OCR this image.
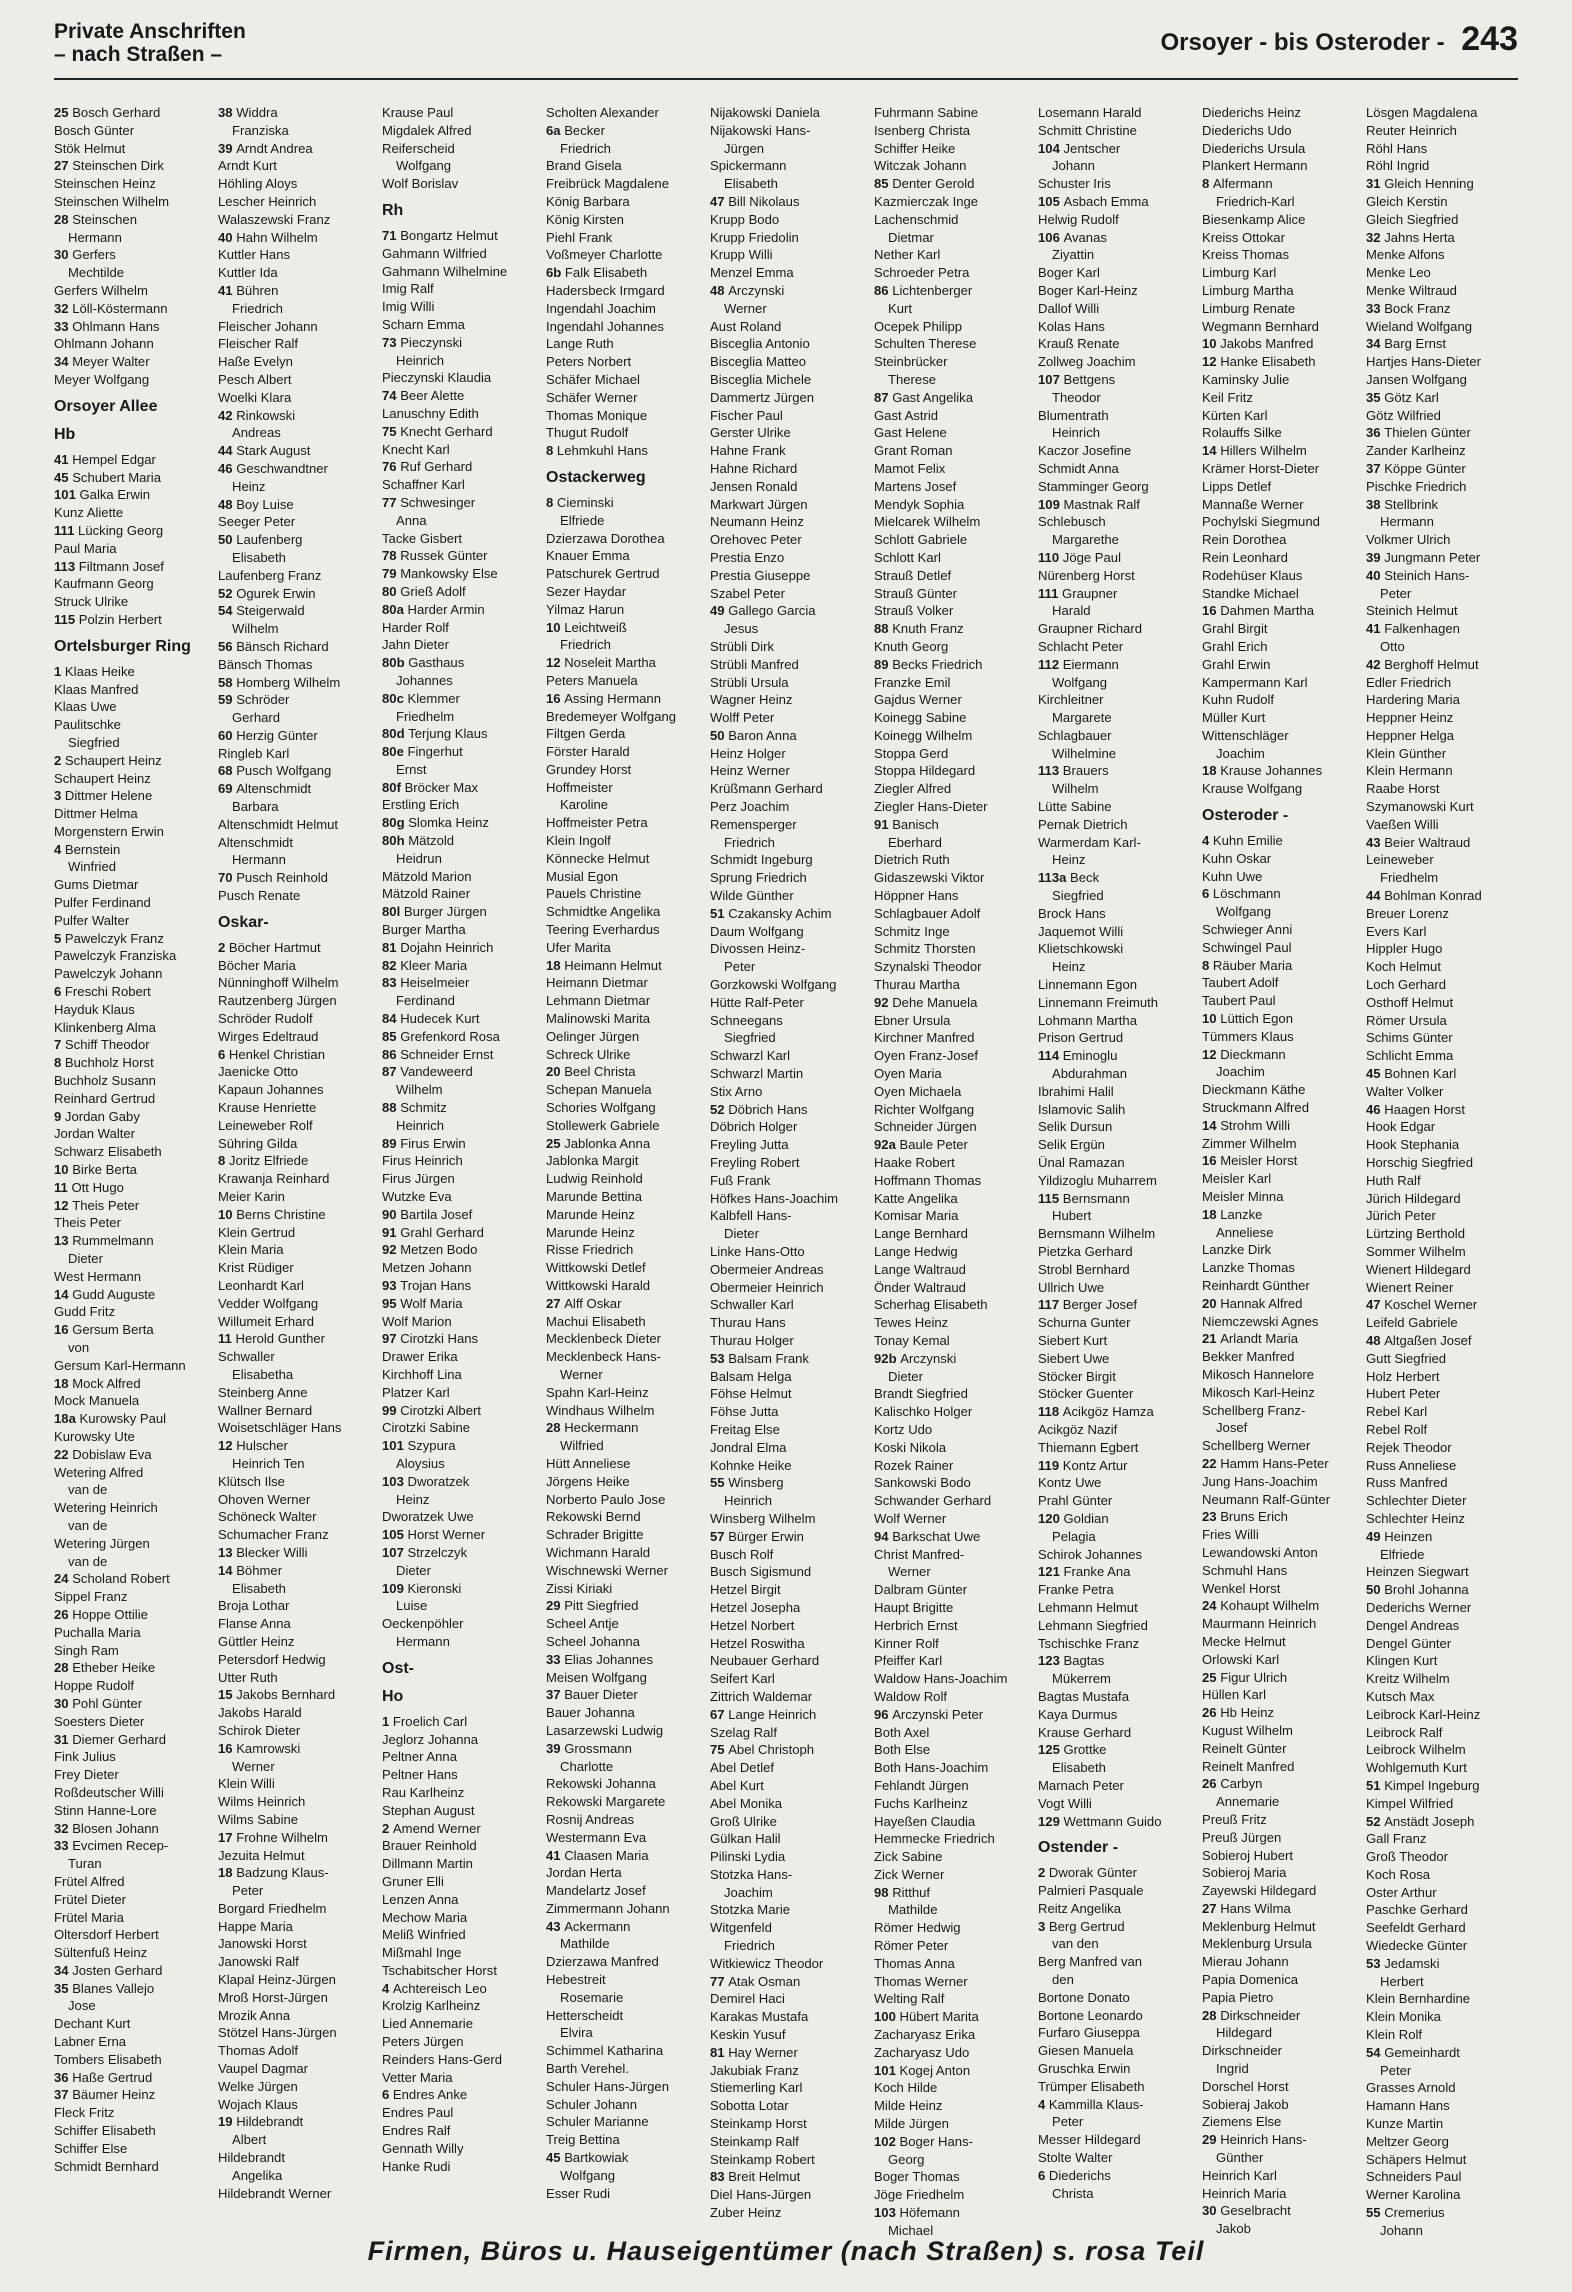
Private Anschriften
– nach Straßen –	Orsoyer - bis Osteroder - 243
25 Bosch Gerhard
Bosch Günter
Stök Helmut
27 Steinschen Dirk
Steinschen Heinz
Steinschen Wilhelm
28 Steinschen
Hermann
30 Gerfers
Mechtilde
Gerfers Wilhelm
32 Löll-Köstermann
33 Ohlmann Hans
Ohlmann Johann
34 Meyer Walter
Meyer Wolfgang
Orsoyer Allee
Hb
41 Hempel Edgar
45 Schubert Maria
101 Galka Erwin
Kunz Aliette
111 Lücking Georg
Paul Maria
113 Filtmann Josef
Kaufmann Georg
Struck Ulrike
115 Polzin Herbert
Ortelsburger Ring
1 Klaas Heike
Klaas Manfred
Klaas Uwe
Paulitschke
Siegfried
2 Schaupert Heinz
Schaupert Heinz
3 Dittmer Helene
Dittmer Helma
Morgenstern Erwin
4 Bernstein
Winfried
Gums Dietmar
Pulfer Ferdinand
Pulfer Walter
5 Pawelczyk Franz
Pawelczyk Franziska
Pawelczyk Johann
6 Freschi Robert
Hayduk Klaus
Klinkenberg Alma
7 Schiff Theodor
8 Buchholz Horst
Buchholz Susann
Reinhard Gertrud
9 Jordan Gaby
Jordan Walter
Schwarz Elisabeth
10 Birke Berta
11 Ott Hugo
12 Theis Peter
Theis Peter
13 Rummelmann
Dieter
West Hermann
14 Gudd Auguste
Gudd Fritz
16 Gersum Berta
von
Gersum Karl-Hermann
18 Mock Alfred
Mock Manuela
18a Kurowsky Paul
Kurowsky Ute
22 Dobislaw Eva
Wetering Alfred
van de
Wetering Heinrich
van de
Wetering Jürgen
van de
24 Scholand Robert
Sippel Franz
26 Hoppe Ottilie
Puchalla Maria
Singh Ram
28 Etheber Heike
Hoppe Rudolf
30 Pohl Günter
Soesters Dieter
31 Diemer Gerhard
Fink Julius
Frey Dieter
Roßdeutscher Willi
Stinn Hanne-Lore
32 Blosen Johann
33 Evcimen Recep-
Turan
Frütel Alfred
Frütel Dieter
Frütel Maria
Oltersdorf Herbert
Sültenfuß Heinz
34 Josten Gerhard
35 Blanes Vallejo
Jose
Dechant Kurt
Labner Erna
Tombers Elisabeth
36 Haße Gertrud
37 Bäumer Heinz
Fleck Fritz
Schiffer Elisabeth
Schiffer Else
Schmidt Bernhard
38 Widdra
Franziska
39 Arndt Andrea
Arndt Kurt
Höhling Aloys
Lescher Heinrich
Walaszewski Franz
40 Hahn Wilhelm
Kuttler Hans
Kuttler Ida
41 Bühren
Friedrich
Fleischer Johann
Fleischer Ralf
Haße Evelyn
Pesch Albert
Woelki Klara
42 Rinkowski
Andreas
44 Stark August
46 Geschwandtner
Heinz
48 Boy Luise
Seeger Peter
50 Laufenberg
Elisabeth
Laufenberg Franz
52 Ogurek Erwin
54 Steigerwald
Wilhelm
56 Bänsch Richard
Bänsch Thomas
58 Homberg Wilhelm
59 Schröder
Gerhard
60 Herzig Günter
Ringleb Karl
68 Pusch Wolfgang
69 Altenschmidt
Barbara
Altenschmidt Helmut
Altenschmidt
Hermann
70 Pusch Reinhold
Pusch Renate
Oskar-
2 Böcher Hartmut
Böcher Maria
Nünninghoff Wilhelm
Rautzenberg Jürgen
Schröder Rudolf
Wirges Edeltraud
6 Henkel Christian
Jaenicke Otto
Kapaun Johannes
Krause Henriette
Leineweber Rolf
Sühring Gilda
8 Joritz Elfriede
Krawanja Reinhard
Meier Karin
10 Berns Christine
Klein Gertrud
Klein Maria
Krist Rüdiger
Leonhardt Karl
Vedder Wolfgang
Willumeit Erhard
11 Herold Gunther
Schwaller
Elisabetha
Steinberg Anne
Wallner Bernard
Woisetschläger Hans
12 Hulscher
Heinrich Ten
Klütsch Ilse
Ohoven Werner
Schöneck Walter
Schumacher Franz
13 Blecker Willi
14 Böhmer
Elisabeth
Broja Lothar
Flanse Anna
Güttler Heinz
Petersdorf Hedwig
Utter Ruth
15 Jakobs Bernhard
Jakobs Harald
Schirok Dieter
16 Kamrowski
Werner
Klein Willi
Wilms Heinrich
Wilms Sabine
17 Frohne Wilhelm
Jezuita Helmut
18 Badzung Klaus-
Peter
Borgard Friedhelm
Happe Maria
Janowski Horst
Janowski Ralf
Klapal Heinz-Jürgen
Mroß Horst-Jürgen
Mrozik Anna
Stötzel Hans-Jürgen
Thomas Adolf
Vaupel Dagmar
Welke Jürgen
Wojach Klaus
19 Hildebrandt
Albert
Hildebrandt
Angelika
Hildebrandt Werner
Krause Paul
Migdalek Alfred
Reiferscheid
Wolfgang
Wolf Borislav
Rh
71 Bongartz Helmut
Gahmann Wilfried
Gahmann Wilhelmine
Imig Ralf
Imig Willi
Scharn Emma
73 Pieczynski
Heinrich
Pieczynski Klaudia
74 Beer Alette
Lanuschny Edith
75 Knecht Gerhard
Knecht Karl
76 Ruf Gerhard
Schaffner Karl
77 Schwesinger
Anna
Tacke Gisbert
78 Russek Günter
79 Mankowsky Else
80 Grieß Adolf
80a Harder Armin
Harder Rolf
Jahn Dieter
80b Gasthaus
Johannes
80c Klemmer
Friedhelm
80d Terjung Klaus
80e Fingerhut
Ernst
80f Bröcker Max
Erstling Erich
80g Slomka Heinz
80h Mätzold
Heidrun
Mätzold Marion
Mätzold Rainer
80l Burger Jürgen
Burger Martha
81 Dojahn Heinrich
82 Kleer Maria
83 Heiselmeier
Ferdinand
84 Hudecek Kurt
85 Grefenkord Rosa
86 Schneider Ernst
87 Vandeweerd
Wilhelm
88 Schmitz
Heinrich
89 Firus Erwin
Firus Heinrich
Firus Jürgen
Wutzke Eva
90 Bartila Josef
91 Grahl Gerhard
92 Metzen Bodo
Metzen Johann
93 Trojan Hans
95 Wolf Maria
Wolf Marion
97 Cirotzki Hans
Drawer Erika
Kirchhoff Lina
Platzer Karl
99 Cirotzki Albert
Cirotzki Sabine
101 Szypura
Aloysius
103 Dworatzek
Heinz
Dworatzek Uwe
105 Horst Werner
107 Strzelczyk
Dieter
109 Kieronski
Luise
Oeckenpöhler
Hermann
Ost-
Ho
1 Froelich Carl
Jeglorz Johanna
Peltner Anna
Peltner Hans
Rau Karlheinz
Stephan August
2 Amend Werner
Brauer Reinhold
Dillmann Martin
Gruner Elli
Lenzen Anna
Mechow Maria
Meliß Winfried
Mißmahl Inge
Tschabitscher Horst
4 Achtereisch Leo
Krolzig Karlheinz
Lied Annemarie
Peters Jürgen
Reinders Hans-Gerd
Vetter Maria
6 Endres Anke
Endres Paul
Endres Ralf
Gennath Willy
Hanke Rudi
Scholten Alexander
6a Becker
Friedrich
Brand Gisela
Freibrück Magdalene
König Barbara
König Kirsten
Piehl Frank
Voßmeyer Charlotte
6b Falk Elisabeth
Hadersbeck Irmgard
Ingendahl Joachim
Ingendahl Johannes
Lange Ruth
Peters Norbert
Schäfer Michael
Schäfer Werner
Thomas Monique
Thugut Rudolf
8 Lehmkuhl Hans
Ostackerweg
8 Cieminski
Elfriede
Dzierzawa Dorothea
Knauer Emma
Patschurek Gertrud
Sezer Haydar
Yilmaz Harun
10 Leichtweiß
Friedrich
12 Noseleit Martha
Peters Manuela
16 Assing Hermann
Bredemeyer Wolfgang
Filtgen Gerda
Förster Harald
Grundey Horst
Hoffmeister
Karoline
Hoffmeister Petra
Klein Ingolf
Könnecke Helmut
Musial Egon
Pauels Christine
Schmidtke Angelika
Teering Everhardus
Ufer Marita
18 Heimann Helmut
Heimann Dietmar
Lehmann Dietmar
Malinowski Marita
Oelinger Jürgen
Schreck Ulrike
20 Beel Christa
Schepan Manuela
Schories Wolfgang
Stollewerk Gabriele
25 Jablonka Anna
Jablonka Margit
Ludwig Reinhold
Marunde Bettina
Marunde Heinz
Marunde Heinz
Risse Friedrich
Wittkowski Detlef
Wittkowski Harald
27 Alff Oskar
Machui Elisabeth
Mecklenbeck Dieter
Mecklenbeck Hans-
Werner
Spahn Karl-Heinz
Windhaus Wilhelm
28 Heckermann
Wilfried
Hütt Anneliese
Jörgens Heike
Norberto Paulo Jose
Rekowski Bernd
Schrader Brigitte
Wichmann Harald
Wischnewski Werner
Zissi Kiriaki
29 Pitt Siegfried
Scheel Antje
Scheel Johanna
33 Elias Johannes
Meisen Wolfgang
37 Bauer Dieter
Bauer Johanna
Lasarzewski Ludwig
39 Grossmann
Charlotte
Rekowski Johanna
Rekowski Margarete
Rosnij Andreas
Westermann Eva
41 Claasen Maria
Jordan Herta
Mandelartz Josef
Zimmermann Johann
43 Ackermann
Mathilde
Dzierzawa Manfred
Hebestreit
Rosemarie
Hetterscheidt
Elvira
Schimmel Katharina
Barth Verehel.
Schuler Hans-Jürgen
Schuler Johann
Schuler Marianne
Treig Bettina
45 Bartkowiak
Wolfgang
Esser Rudi
Nijakowski Daniela
Nijakowski Hans-
Jürgen
Spickermann
Elisabeth
47 Bill Nikolaus
Krupp Bodo
Krupp Friedolin
Krupp Willi
Menzel Emma
48 Arczynski
Werner
Aust Roland
Bisceglia Antonio
Bisceglia Matteo
Bisceglia Michele
Dammertz Jürgen
Fischer Paul
Gerster Ulrike
Hahne Frank
Hahne Richard
Jensen Ronald
Markwart Jürgen
Neumann Heinz
Orehovec Peter
Prestia Enzo
Prestia Giuseppe
Szabel Peter
49 Gallego Garcia
Jesus
Strübli Dirk
Strübli Manfred
Strübli Ursula
Wagner Heinz
Wolff Peter
50 Baron Anna
Heinz Holger
Heinz Werner
Krüßmann Gerhard
Perz Joachim
Remensperger
Friedrich
Schmidt Ingeburg
Sprung Friedrich
Wilde Günther
51 Czakansky Achim
Daum Wolfgang
Divossen Heinz-
Peter
Gorzkowski Wolfgang
Hütte Ralf-Peter
Schneegans
Siegfried
Schwarzl Karl
Schwarzl Martin
Stix Arno
52 Döbrich Hans
Döbrich Holger
Freyling Jutta
Freyling Robert
Fuß Frank
Höfkes Hans-Joachim
Kalbfell Hans-
Dieter
Linke Hans-Otto
Obermeier Andreas
Obermeier Heinrich
Schwaller Karl
Thurau Hans
Thurau Holger
53 Balsam Frank
Balsam Helga
Föhse Helmut
Föhse Jutta
Freitag Else
Jondral Elma
Kohnke Heike
55 Winsberg
Heinrich
Winsberg Wilhelm
57 Bürger Erwin
Busch Rolf
Busch Sigismund
Hetzel Birgit
Hetzel Josepha
Hetzel Norbert
Hetzel Roswitha
Neubauer Gerhard
Seifert Karl
Zittrich Waldemar
67 Lange Heinrich
Szelag Ralf
75 Abel Christoph
Abel Detlef
Abel Kurt
Abel Monika
Groß Ulrike
Gülkan Halil
Pilinski Lydia
Stotzka Hans-
Joachim
Stotzka Marie
Witgenfeld
Friedrich
Witkiewicz Theodor
77 Atak Osman
Demirel Haci
Karakas Mustafa
Keskin Yusuf
81 Hay Werner
Jakubiak Franz
Stiemerling Karl
Sobotta Lotar
Steinkamp Horst
Steinkamp Ralf
Steinkamp Robert
83 Breit Helmut
Diel Hans-Jürgen
Zuber Heinz
Fuhrmann Sabine
Isenberg Christa
Schiffer Heike
Witczak Johann
85 Denter Gerold
Kazmierczak Inge
Lachenschmid
Dietmar
Nether Karl
Schroeder Petra
86 Lichtenberger
Kurt
Ocepek Philipp
Schulten Therese
Steinbrücker
Therese
87 Gast Angelika
Gast Astrid
Gast Helene
Grant Roman
Mamot Felix
Martens Josef
Mendyk Sophia
Mielcarek Wilhelm
Schlott Gabriele
Schlott Karl
Strauß Detlef
Strauß Günter
Strauß Volker
88 Knuth Franz
Knuth Georg
89 Becks Friedrich
Franzke Emil
Gajdus Werner
Koinegg Sabine
Koinegg Wilhelm
Stoppa Gerd
Stoppa Hildegard
Ziegler Alfred
Ziegler Hans-Dieter
91 Banisch
Eberhard
Dietrich Ruth
Gidaszewski Viktor
Höppner Hans
Schlagbauer Adolf
Schmitz Inge
Schmitz Thorsten
Szynalski Theodor
Thurau Martha
92 Dehe Manuela
Ebner Ursula
Kirchner Manfred
Oyen Franz-Josef
Oyen Maria
Oyen Michaela
Richter Wolfgang
Schneider Jürgen
92a Baule Peter
Haake Robert
Hoffmann Thomas
Katte Angelika
Komisar Maria
Lange Bernhard
Lange Hedwig
Lange Waltraud
Önder Waltraud
Scherhag Elisabeth
Tewes Heinz
Tonay Kemal
92b Arczynski
Dieter
Brandt Siegfried
Kalischko Holger
Kortz Udo
Koski Nikola
Rozek Rainer
Sankowski Bodo
Schwander Gerhard
Wolf Werner
94 Barkschat Uwe
Christ Manfred-
Werner
Dalbram Günter
Haupt Brigitte
Herbrich Ernst
Kinner Rolf
Pfeiffer Karl
Waldow Hans-Joachim
Waldow Rolf
96 Arczynski Peter
Both Axel
Both Else
Both Hans-Joachim
Fehlandt Jürgen
Fuchs Karlheinz
Hayeßen Claudia
Hemmecke Friedrich
Zick Sabine
Zick Werner
98 Ritthuf
Mathilde
Römer Hedwig
Römer Peter
Thomas Anna
Thomas Werner
Welting Ralf
100 Hübert Marita
Zacharyasz Erika
Zacharyasz Udo
101 Kogej Anton
Koch Hilde
Milde Heinz
Milde Jürgen
102 Boger Hans-
Georg
Boger Thomas
Jöge Friedhelm
103 Höfemann
Michael
Losemann Harald
Schmitt Christine
104 Jentscher
Johann
Schuster Iris
105 Asbach Emma
Helwig Rudolf
106 Avanas
Ziyattin
Boger Karl
Boger Karl-Heinz
Dallof Willi
Kolas Hans
Krauß Renate
Zollweg Joachim
107 Bettgens
Theodor
Blumentrath
Heinrich
Kaczor Josefine
Schmidt Anna
Stamminger Georg
109 Mastnak Ralf
Schlebusch
Margarethe
110 Jöge Paul
Nürenberg Horst
111 Graupner
Harald
Graupner Richard
Schlacht Peter
112 Eiermann
Wolfgang
Kirchleitner
Margarete
Schlagbauer
Wilhelmine
113 Brauers
Wilhelm
Lütte Sabine
Pernak Dietrich
Warmerdam Karl-
Heinz
113a Beck
Siegfried
Brock Hans
Jaquemot Willi
Klietschkowski
Heinz
Linnemann Egon
Linnemann Freimuth
Lohmann Martha
Prison Gertrud
114 Eminoglu
Abdurahman
Ibrahimi Halil
Islamovic Salih
Selik Dursun
Selik Ergün
Ünal Ramazan
Yildizoglu Muharrem
115 Bernsmann
Hubert
Bernsmann Wilhelm
Pietzka Gerhard
Strobl Bernhard
Ullrich Uwe
117 Berger Josef
Schurna Gunter
Siebert Kurt
Siebert Uwe
Stöcker Birgit
Stöcker Guenter
118 Acikgöz Hamza
Acikgöz Nazif
Thiemann Egbert
119 Kontz Artur
Kontz Uwe
Prahl Günter
120 Goldian
Pelagia
Schirok Johannes
121 Franke Ana
Franke Petra
Lehmann Helmut
Lehmann Siegfried
Tschischke Franz
123 Bagtas
Mükerrem
Bagtas Mustafa
Kaya Durmus
Krause Gerhard
125 Grottke
Elisabeth
Marnach Peter
Vogt Willi
129 Wettmann Guido
Ostender -
2 Dworak Günter
Palmieri Pasquale
Reitz Angelika
3 Berg Gertrud
van den
Berg Manfred van
den
Bortone Donato
Bortone Leonardo
Furfaro Giuseppa
Giesen Manuela
Gruschka Erwin
Trümper Elisabeth
4 Kammilla Klaus-
Peter
Messer Hildegard
Stolte Walter
6 Diederichs
Christa
Diederichs Heinz
Diederichs Udo
Diederichs Ursula
Plankert Hermann
8 Alfermann
Friedrich-Karl
Biesenkamp Alice
Kreiss Ottokar
Kreiss Thomas
Limburg Karl
Limburg Martha
Limburg Renate
Wegmann Bernhard
10 Jakobs Manfred
12 Hanke Elisabeth
Kaminsky Julie
Keil Fritz
Kürten Karl
Rolauffs Silke
14 Hillers Wilhelm
Krämer Horst-Dieter
Lipps Detlef
Mannaße Werner
Pochylski Siegmund
Rein Dorothea
Rein Leonhard
Rodehüser Klaus
Standke Michael
16 Dahmen Martha
Grahl Birgit
Grahl Erich
Grahl Erwin
Kampermann Karl
Kuhn Rudolf
Müller Kurt
Wittenschläger
Joachim
18 Krause Johannes
Krause Wolfgang
Osteroder -
4 Kuhn Emilie
Kuhn Oskar
Kuhn Uwe
6 Löschmann
Wolfgang
Schwieger Anni
Schwingel Paul
8 Räuber Maria
Taubert Adolf
Taubert Paul
10 Lüttich Egon
Tümmers Klaus
12 Dieckmann
Joachim
Dieckmann Käthe
Struckmann Alfred
14 Strohm Willi
Zimmer Wilhelm
16 Meisler Horst
Meisler Karl
Meisler Minna
18 Lanzke
Anneliese
Lanzke Dirk
Lanzke Thomas
Reinhardt Günther
20 Hannak Alfred
Niemczewski Agnes
21 Arlandt Maria
Bekker Manfred
Mikosch Hannelore
Mikosch Karl-Heinz
Schellberg Franz-
Josef
Schellberg Werner
22 Hamm Hans-Peter
Jung Hans-Joachim
Neumann Ralf-Günter
23 Bruns Erich
Fries Willi
Lewandowski Anton
Schmuhl Hans
Wenkel Horst
24 Kohaupt Wilhelm
Maurmann Heinrich
Mecke Helmut
Orlowski Karl
25 Figur Ulrich
Hüllen Karl
26 Hb Heinz
Kugust Wilhelm
Reinelt Günter
Reinelt Manfred
26 Carbyn
Annemarie
Preuß Fritz
Preuß Jürgen
Sobieroj Hubert
Sobieroj Maria
Zayewski Hildegard
27 Hans Wilma
Meklenburg Helmut
Meklenburg Ursula
Mierau Johann
Papia Domenica
Papia Pietro
28 Dirkschneider
Hildegard
Dirkschneider
Ingrid
Dorschel Horst
Sobieraj Jakob
Ziemens Else
29 Heinrich Hans-
Günther
Heinrich Karl
Heinrich Maria
30 Geselbracht
Jakob
Lösgen Magdalena
Reuter Heinrich
Röhl Hans
Röhl Ingrid
31 Gleich Henning
Gleich Kerstin
Gleich Siegfried
32 Jahns Herta
Menke Alfons
Menke Leo
Menke Wiltraud
33 Bock Franz
Wieland Wolfgang
34 Barg Ernst
Hartjes Hans-Dieter
Jansen Wolfgang
35 Götz Karl
Götz Wilfried
36 Thielen Günter
Zander Karlheinz
37 Köppe Günter
Pischke Friedrich
38 Stellbrink
Hermann
Volkmer Ulrich
39 Jungmann Peter
40 Steinich Hans-
Peter
Steinich Helmut
41 Falkenhagen
Otto
42 Berghoff Helmut
Edler Friedrich
Hardering Maria
Heppner Heinz
Heppner Helga
Klein Günther
Klein Hermann
Raabe Horst
Szymanowski Kurt
Vaeßen Willi
43 Beier Waltraud
Leineweber
Friedhelm
44 Bohlman Konrad
Breuer Lorenz
Evers Karl
Hippler Hugo
Koch Helmut
Loch Gerhard
Osthoff Helmut
Römer Ursula
Schims Günter
Schlicht Emma
45 Bohnen Karl
Walter Volker
46 Haagen Horst
Hook Edgar
Hook Stephania
Horschig Siegfried
Huth Ralf
Jürich Hildegard
Jürich Peter
Lürtzing Berthold
Sommer Wilhelm
Wienert Hildegard
Wienert Reiner
47 Koschel Werner
Leifeld Gabriele
48 Altgaßen Josef
Gutt Siegfried
Holz Herbert
Hubert Peter
Rebel Karl
Rebel Rolf
Rejek Theodor
Russ Anneliese
Russ Manfred
Schlechter Dieter
Schlechter Heinz
49 Heinzen
Elfriede
Heinzen Siegwart
50 Brohl Johanna
Dederichs Werner
Dengel Andreas
Dengel Günter
Klingen Kurt
Kreitz Wilhelm
Kutsch Max
Leibrock Karl-Heinz
Leibrock Ralf
Leibrock Wilhelm
Wohlgemuth Kurt
51 Kimpel Ingeburg
Kimpel Wilfried
52 Anstädt Joseph
Gall Franz
Groß Theodor
Koch Rosa
Oster Arthur
Paschke Gerhard
Seefeldt Gerhard
Wiedecke Günter
53 Jedamski
Herbert
Klein Bernhardine
Klein Monika
Klein Rolf
54 Gemeinhardt
Peter
Grasses Arnold
Hamann Hans
Kunze Martin
Meltzer Georg
Schäpers Helmut
Schneiders Paul
Werner Karolina
55 Cremerius
Johann
Firmen, Büros u. Hauseigentümer (nach Straßen) s. rosa Teil
